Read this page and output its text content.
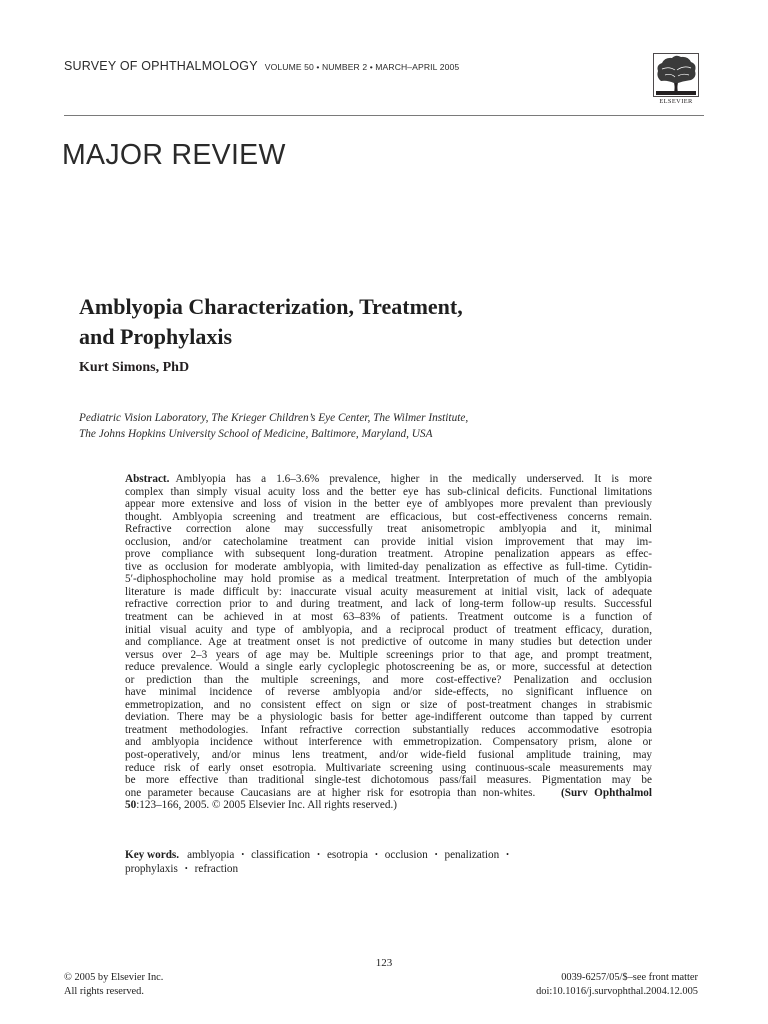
SURVEY OF OPHTHALMOLOGY VOLUME 50 • NUMBER 2 • MARCH–APRIL 2005
ELSEVIER
MAJOR REVIEW
Amblyopia Characterization, Treatment,
and Prophylaxis

Kurt Simons, PhD

Pediatric Vision Laboratory, The Krieger Children’s Eye Center, The Wilmer Institute,
The Johns Hopkins University School of Medicine, Baltimore, Maryland, USA

Abstract. Amblyopia has a 1.6–3.6% prevalence, higher in the medically underserved. It is more
complex than simply visual acuity loss and the better eye has sub-clinical deficits. Functional limitations
appear more extensive and loss of vision in the better eye of amblyopes more prevalent than previously
thought. Amblyopia screening and treatment are efficacious, but cost-effectiveness concerns remain.
Refractive correction alone may successfully treat anisometropic amblyopia and it, minimal
occlusion, and/or catecholamine treatment can provide initial vision improvement that may im-
prove compliance with subsequent long-duration treatment. Atropine penalization appears as effec-
tive as occlusion for moderate amblyopia, with limited-day penalization as effective as full-time. Cytidin-
5′-diphosphocholine may hold promise as a medical treatment. Interpretation of much of the amblyopia
literature is made difficult by: inaccurate visual acuity measurement at initial visit, lack of adequate
refractive correction prior to and during treatment, and lack of long-term follow-up results. Successful
treatment can be achieved in at most 63–83% of patients. Treatment outcome is a function of
initial visual acuity and type of amblyopia, and a reciprocal product of treatment efficacy, duration,
and compliance. Age at treatment onset is not predictive of outcome in many studies but detection under
versus over 2–3 years of age may be. Multiple screenings prior to that age, and prompt treatment,
reduce prevalence. Would a single early cycloplegic photoscreening be as, or more, successful at detection
or prediction than the multiple screenings, and more cost-effective? Penalization and occlusion
have minimal incidence of reverse amblyopia and/or side-effects, no significant influence on
emmetropization, and no consistent effect on sign or size of post-treatment changes in strabismic
deviation. There may be a physiologic basis for better age-indifferent outcome than tapped by current
treatment methodologies. Infant refractive correction substantially reduces accommodative esotropia
and amblyopia incidence without interference with emmetropization. Compensatory prism, alone or
post-operatively, and/or minus lens treatment, and/or wide-field fusional amplitude training, may
reduce risk of early onset esotropia. Multivariate screening using continuous-scale measurements may
be more effective than traditional single-test dichotomous pass/fail measures. Pigmentation may be
one parameter because Caucasians are at higher risk for esotropia than non-whites. (Surv Ophthalmol
50:123–166, 2005. © 2005 Elsevier Inc. All rights reserved.)
Key words. amblyopia • classification • esotropia • occlusion • penalization •
prophylaxis • refraction
123
© 2005 by Elsevier Inc.
All rights reserved.
0039-6257/05/$–see front matter
doi:10.1016/j.survophthal.2004.12.005
